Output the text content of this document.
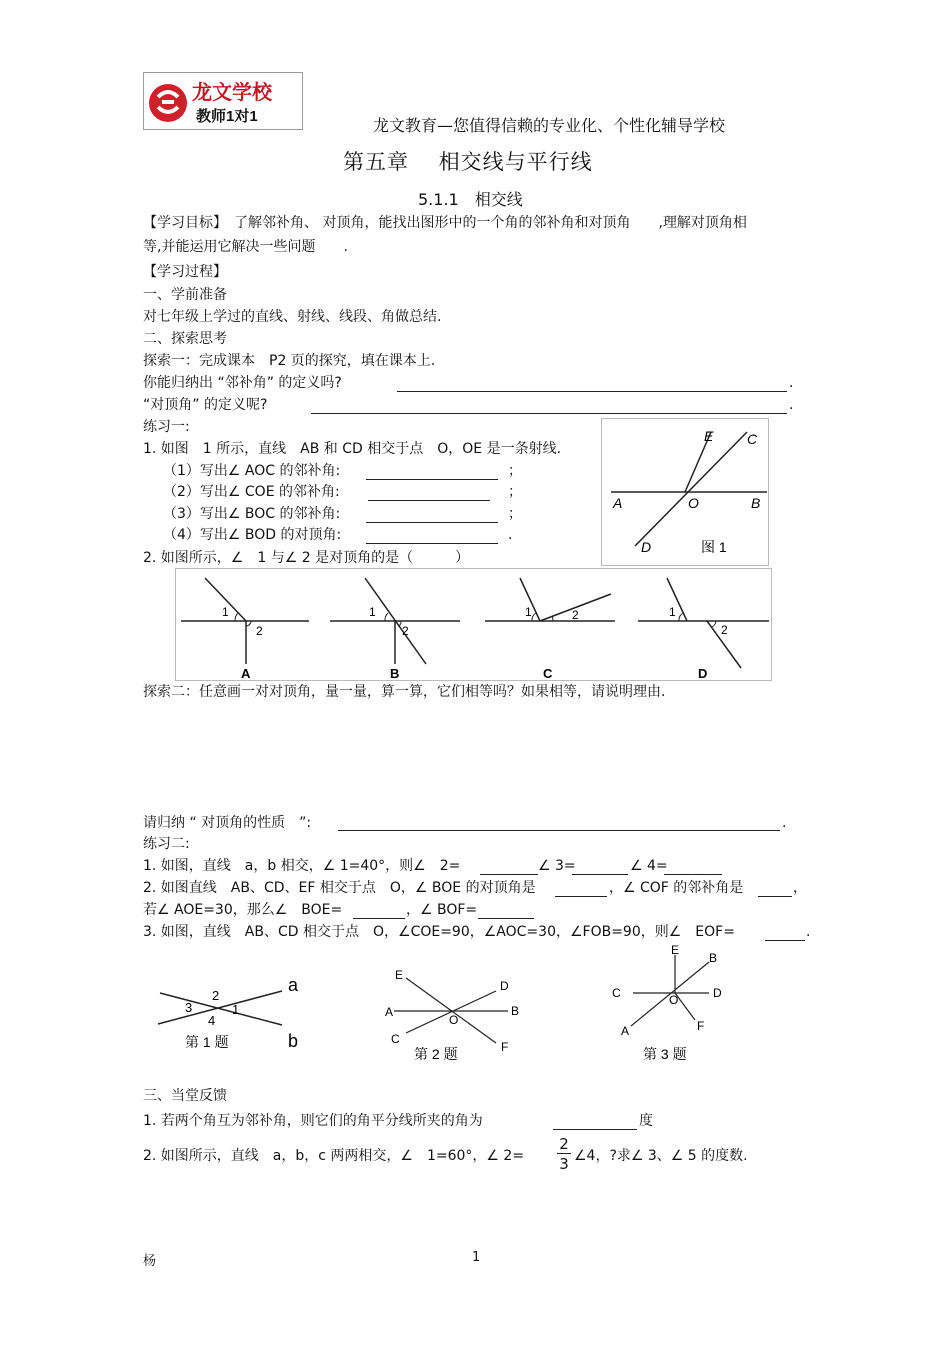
龙文学校
教师1对1	龙文教育—您值得信赖的专业化、个性化辅导学校
第五章　 相交线与平行线
5.1.1　相交线
【学习目标】　了解邻补角、 对顶角，能找出图形中的一个角的邻补角和对顶角　　,理解对顶角相
等,并能运用它解决一些问题　　.
【学习过程】
一、学前准备
对七年级上学过的直线、射线、线段、角做总结.
二、探索思考
探索一：完成课本　P2 页的探究，填在课本上.
你能归纳出 “邻补角” 的定义吗?	.
“对顶角” 的定义呢?	.
练习一:
1. 如图　1 所示，直线　AB 和 CD 相交于点　O，OE 是一条射线.
（1）写出∠ AOC 的邻补角:	；
（2）写出∠ COE 的邻补角:	；
（3）写出∠ BOC 的邻补角:	；
（4）写出∠ BOD 的对顶角:	.
2. 如图所示，∠　1 与∠ 2 是对顶角的是（　　　）
E C
A	O	B
D	图 1
1
2
A
1
2
B
1	2
C
1
2
D
探索二：任意画一对对顶角，量一量，算一算，它们相等吗？如果相等，请说明理由.
请归纳 “ 对顶角的性质　”:	.
练习二:
1. 如图，直线　a，b 相交，∠ 1=40°，则∠　2=	∠ 3=	∠ 4=
2. 如图直线　AB、CD、EF 相交于点　O，∠ BOE 的对顶角是	，∠ COF 的邻补角是	，
若∠ AOE=30，那么∠　BOE=	，∠ BOF=
3. 如图，直线　AB、CD 相交于点　O，∠COE=90，∠AOC=30，∠FOB=90，则∠　EOF=	.
a
b
1
2
3
4
第 1 题
E
D
A
O
B
C
F
第 2 题
E
B
C	D
O
F
A
第 3 题
三、当堂反馈
1. 若两个角互为邻补角，则它们的角平分线所夹的角为	度
2. 如图所示，直线　a，b，c 两两相交，∠　1=60°，∠ 2=
2
3 ∠4，?求∠ 3、∠ 5 的度数.
杨	1
